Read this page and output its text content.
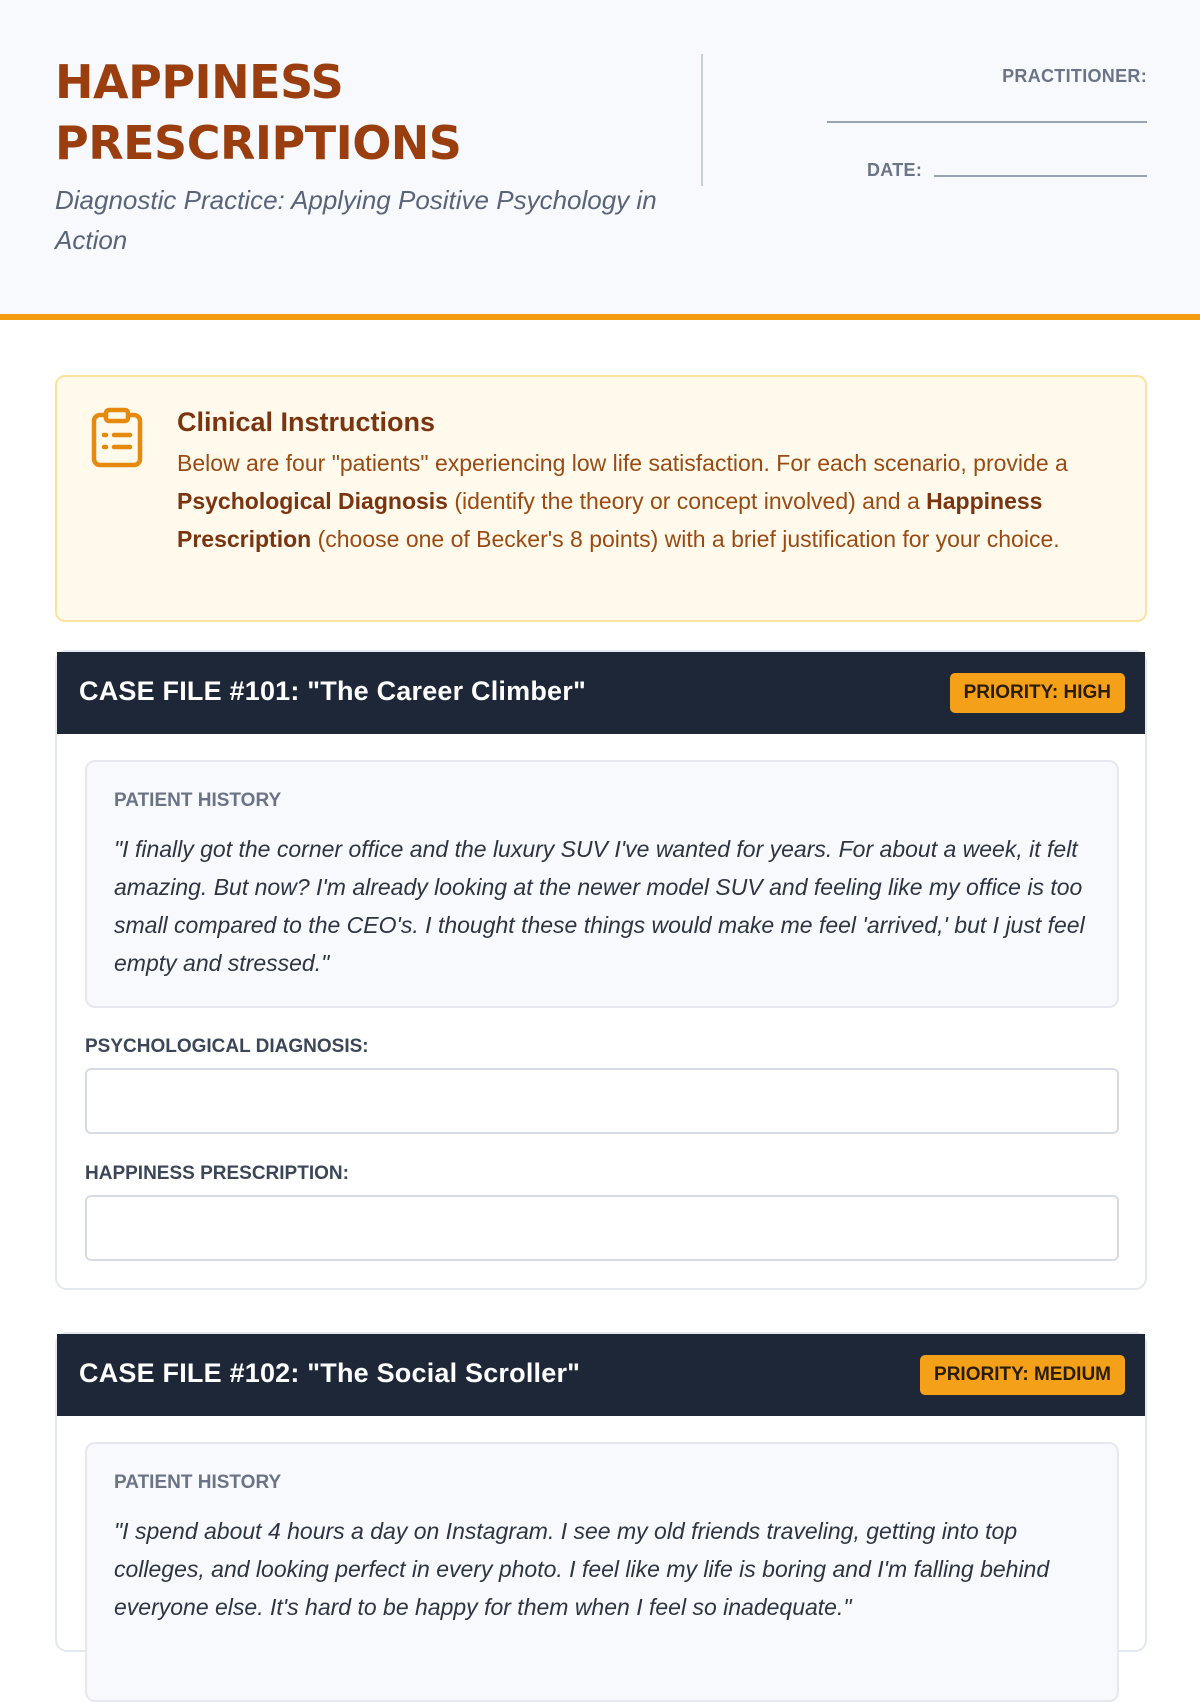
HAPPINESS
PRESCRIPTIONS
Diagnostic Practice: Applying Positive Psychology in Action
PRACTITIONER:
DATE:
Clinical Instructions
Below are four "patients" experiencing low life satisfaction. For each scenario, provide a Psychological Diagnosis (identify the theory or concept involved) and a Happiness Prescription (choose one of Becker's 8 points) with a brief justification for your choice.
CASE FILE #101: "The Career Climber"	PRIORITY: HIGH
PATIENT HISTORY
"I finally got the corner office and the luxury SUV I've wanted for years. For about a week, it felt amazing. But now? I'm already looking at the newer model SUV and feeling like my office is too small compared to the CEO's. I thought these things would make me feel 'arrived,' but I just feel empty and stressed."
PSYCHOLOGICAL DIAGNOSIS:
HAPPINESS PRESCRIPTION:
CASE FILE #102: "The Social Scroller"	PRIORITY: MEDIUM
PATIENT HISTORY
"I spend about 4 hours a day on Instagram. I see my old friends traveling, getting into top colleges, and looking perfect in every photo. I feel like my life is boring and I'm falling behind everyone else. It's hard to be happy for them when I feel so inadequate."
